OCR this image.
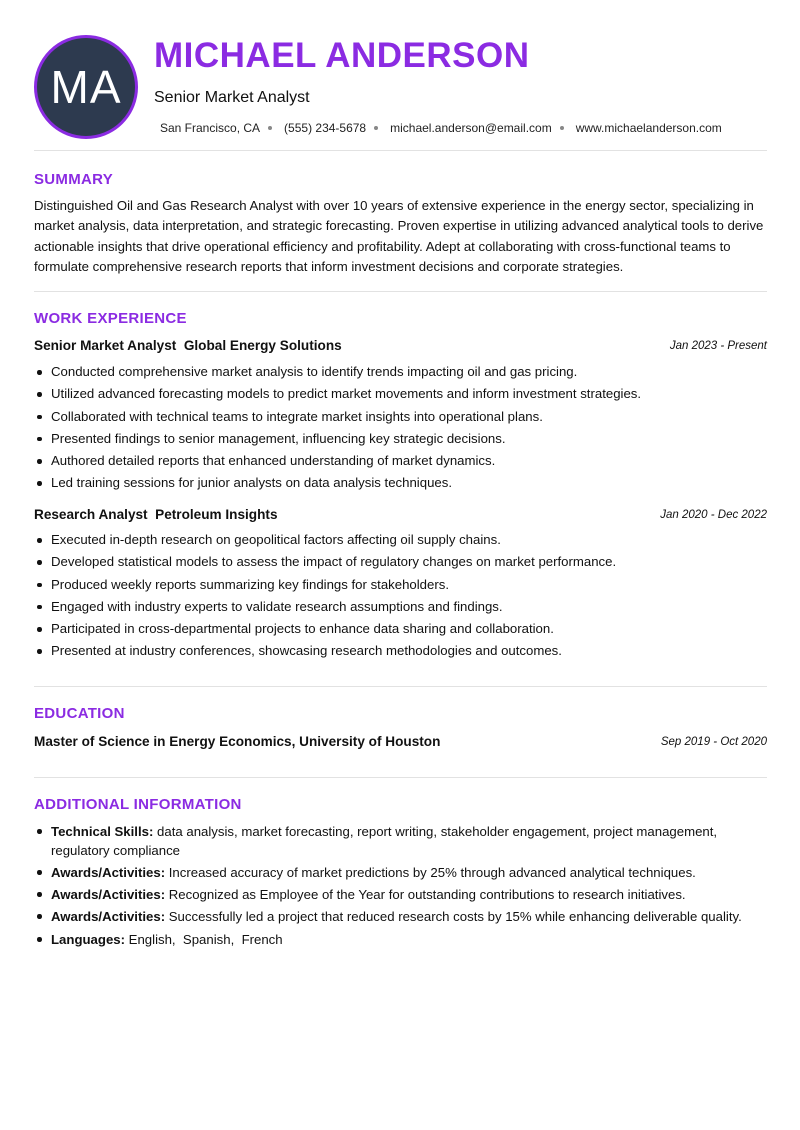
MA
MICHAEL ANDERSON
Senior Market Analyst
San Francisco, CA (555) 234-5678 michael.anderson@email.com www.michaelanderson.com
SUMMARY
Distinguished Oil and Gas Research Analyst with over 10 years of extensive experience in the energy sector, specializing in market analysis, data interpretation, and strategic forecasting. Proven expertise in utilizing advanced analytical tools to derive actionable insights that drive operational efficiency and profitability. Adept at collaborating with cross-functional teams to formulate comprehensive research reports that inform investment decisions and corporate strategies.
WORK EXPERIENCE
Senior Market Analyst  Global Energy Solutions	Jan 2023 - Present
Conducted comprehensive market analysis to identify trends impacting oil and gas pricing.
Utilized advanced forecasting models to predict market movements and inform investment strategies.
Collaborated with technical teams to integrate market insights into operational plans.
Presented findings to senior management, influencing key strategic decisions.
Authored detailed reports that enhanced understanding of market dynamics.
Led training sessions for junior analysts on data analysis techniques.
Research Analyst  Petroleum Insights	Jan 2020 - Dec 2022
Executed in-depth research on geopolitical factors affecting oil supply chains.
Developed statistical models to assess the impact of regulatory changes on market performance.
Produced weekly reports summarizing key findings for stakeholders.
Engaged with industry experts to validate research assumptions and findings.
Participated in cross-departmental projects to enhance data sharing and collaboration.
Presented at industry conferences, showcasing research methodologies and outcomes.
EDUCATION
Master of Science in Energy Economics, University of Houston	Sep 2019 - Oct 2020
ADDITIONAL INFORMATION
Technical Skills: data analysis, market forecasting, report writing, stakeholder engagement, project management, regulatory compliance
Awards/Activities: Increased accuracy of market predictions by 25% through advanced analytical techniques.
Awards/Activities: Recognized as Employee of the Year for outstanding contributions to research initiatives.
Awards/Activities: Successfully led a project that reduced research costs by 15% while enhancing deliverable quality.
Languages: English,  Spanish,  French
